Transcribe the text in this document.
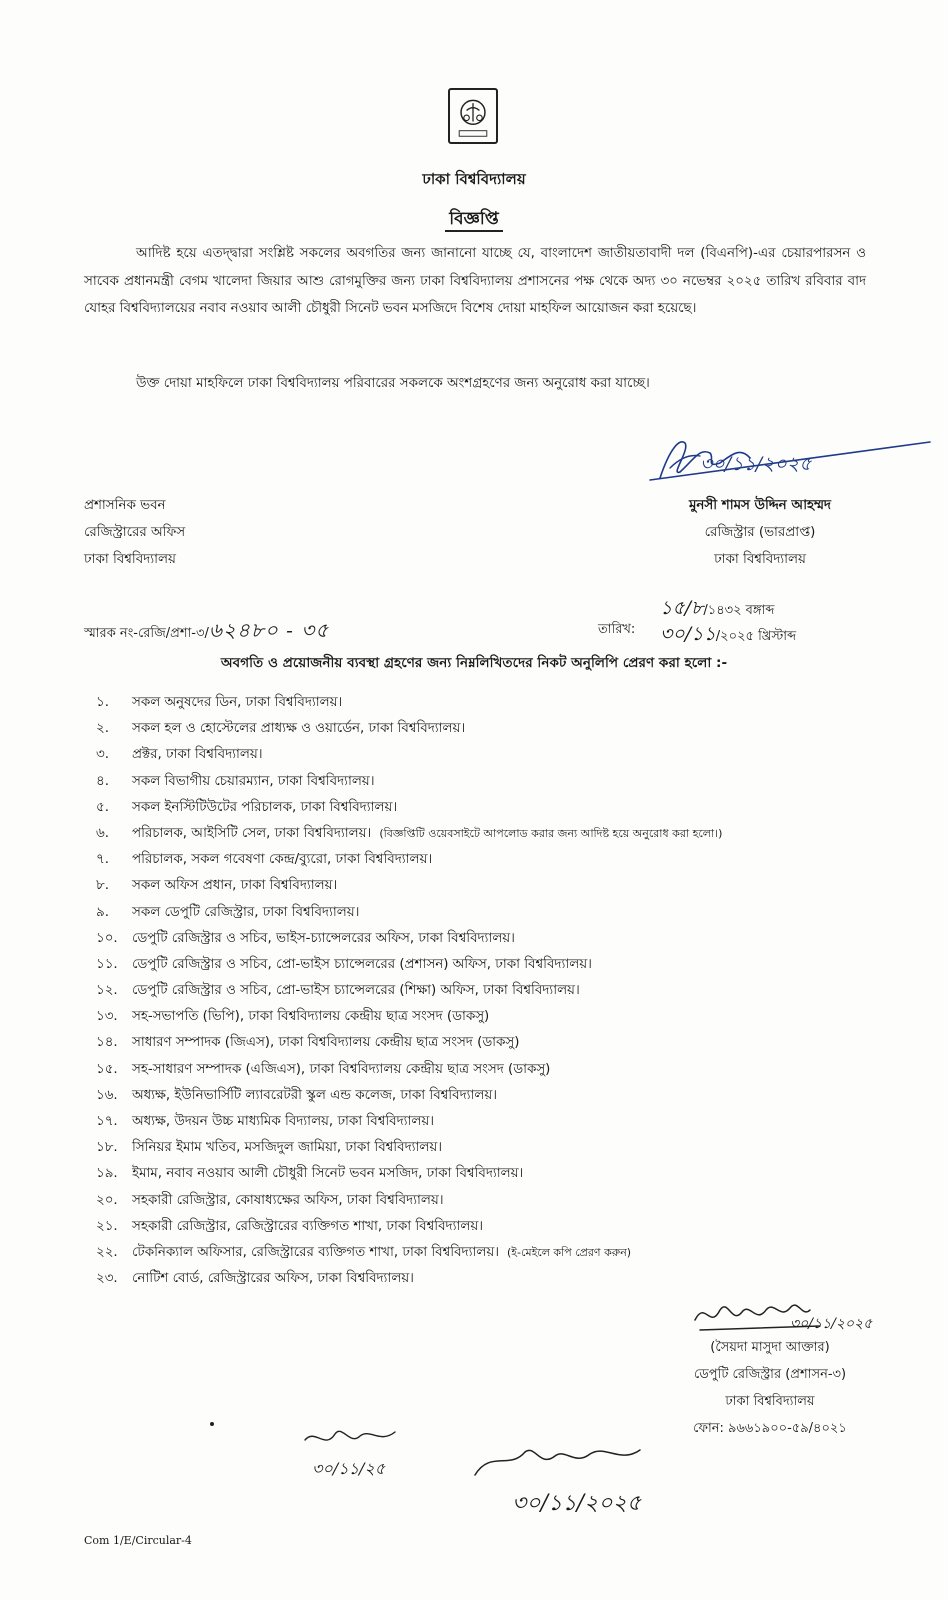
ঢাকা বিশ্ববিদ্যালয়
বিজ্ঞপ্তি

আদিষ্ট হয়ে এতদ্দ্বারা সংশ্লিষ্ট সকলের অবগতির জন্য জানানো যাচ্ছে যে, বাংলাদেশ জাতীয়তাবাদী দল (বিএনপি)-এর চেয়ারপারসন ও সাবেক প্রধানমন্ত্রী বেগম খালেদা জিয়ার আশু রোগমুক্তির জন্য ঢাকা বিশ্ববিদ্যালয় প্রশাসনের পক্ষ থেকে অদ্য ৩০ নভেম্বর ২০২৫ তারিখ রবিবার বাদ যোহর বিশ্ববিদ্যালয়ের নবাব নওয়াব আলী চৌধুরী সিনেট ভবন মসজিদে বিশেষ দোয়া মাহফিল আয়োজন করা হয়েছে।

উক্ত দোয়া মাহফিলে ঢাকা বিশ্ববিদ্যালয় পরিবারের সকলকে অংশগ্রহণের জন্য অনুরোধ করা যাচ্ছে।

৩০/১১/২০২৫
প্রশাসনিক ভবন
রেজিস্ট্রারের অফিস
ঢাকা বিশ্ববিদ্যালয়
মুনসী শামস উদ্দিন আহম্মদ
রেজিস্ট্রার (ভারপ্রাপ্ত)
ঢাকা বিশ্ববিদ্যালয়
স্মারক নং-রেজি/প্রশা-৩/৬২৪৮০ - ৩৫	তারিখ:
১৫/৮/১৪৩২ বঙ্গাব্দ
৩০/১১/২০২৫ খ্রিস্টাব্দ
অবগতি ও প্রয়োজনীয় ব্যবস্থা গ্রহণের জন্য নিম্নলিখিতদের নিকট অনুলিপি প্রেরণ করা হলো :-
১. সকল অনুষদের ডিন, ঢাকা বিশ্ববিদ্যালয়।
২. সকল হল ও হোস্টেলের প্রাধ্যক্ষ ও ওয়ার্ডেন, ঢাকা বিশ্ববিদ্যালয়।
৩. প্রক্টর, ঢাকা বিশ্ববিদ্যালয়।
৪. সকল বিভাগীয় চেয়ারম্যান, ঢাকা বিশ্ববিদ্যালয়।
৫. সকল ইনস্টিটিউটের পরিচালক, ঢাকা বিশ্ববিদ্যালয়।
৬. পরিচালক, আইসিটি সেল, ঢাকা বিশ্ববিদ্যালয়। (বিজ্ঞপ্তিটি ওয়েবসাইটে আপলোড করার জন্য আদিষ্ট হয়ে অনুরোধ করা হলো।)
৭. পরিচালক, সকল গবেষণা কেন্দ্র/ব্যুরো, ঢাকা বিশ্ববিদ্যালয়।
৮. সকল অফিস প্রধান, ঢাকা বিশ্ববিদ্যালয়।
৯. সকল ডেপুটি রেজিস্ট্রার, ঢাকা বিশ্ববিদ্যালয়।
১০. ডেপুটি রেজিস্ট্রার ও সচিব, ভাইস-চ্যান্সেলরের অফিস, ঢাকা বিশ্ববিদ্যালয়।
১১. ডেপুটি রেজিস্ট্রার ও সচিব, প্রো-ভাইস চ্যান্সেলরের (প্রশাসন) অফিস, ঢাকা বিশ্ববিদ্যালয়।
১২. ডেপুটি রেজিস্ট্রার ও সচিব, প্রো-ভাইস চ্যান্সেলরের (শিক্ষা) অফিস, ঢাকা বিশ্ববিদ্যালয়।
১৩. সহ-সভাপতি (ভিপি), ঢাকা বিশ্ববিদ্যালয় কেন্দ্রীয় ছাত্র সংসদ (ডাকসু)
১৪. সাধারণ সম্পাদক (জিএস), ঢাকা বিশ্ববিদ্যালয় কেন্দ্রীয় ছাত্র সংসদ (ডাকসু)
১৫. সহ-সাধারণ সম্পাদক (এজিএস), ঢাকা বিশ্ববিদ্যালয় কেন্দ্রীয় ছাত্র সংসদ (ডাকসু)
১৬. অধ্যক্ষ, ইউনিভার্সিটি ল্যাবরেটরী স্কুল এন্ড কলেজ, ঢাকা বিশ্ববিদ্যালয়।
১৭. অধ্যক্ষ, উদয়ন উচ্চ মাধ্যমিক বিদ্যালয়, ঢাকা বিশ্ববিদ্যালয়।
১৮. সিনিয়র ইমাম খতিব, মসজিদুল জামিয়া, ঢাকা বিশ্ববিদ্যালয়।
১৯. ইমাম, নবাব নওয়াব আলী চৌধুরী সিনেট ভবন মসজিদ, ঢাকা বিশ্ববিদ্যালয়।
২০. সহকারী রেজিস্ট্রার, কোষাধ্যক্ষের অফিস, ঢাকা বিশ্ববিদ্যালয়।
২১. সহকারী রেজিস্ট্রার, রেজিস্ট্রারের ব্যক্তিগত শাখা, ঢাকা বিশ্ববিদ্যালয়।
২২. টেকনিক্যাল অফিসার, রেজিস্ট্রারের ব্যক্তিগত শাখা, ঢাকা বিশ্ববিদ্যালয়। (ই-মেইলে কপি প্রেরণ করুন)
২৩. নোটিশ বোর্ড, রেজিস্ট্রারের অফিস, ঢাকা বিশ্ববিদ্যালয়।
৩০/১১/২০২৫
(সৈয়দা মাসুদা আক্তার)
ডেপুটি রেজিস্ট্রার (প্রশাসন-৩)
ঢাকা বিশ্ববিদ্যালয়
ফোন: ৯৬৬১৯০০-৫৯/৪০২১
৩০/১১/২৫
৩০/১১/২০২৫
Com 1/E/Circular-4
